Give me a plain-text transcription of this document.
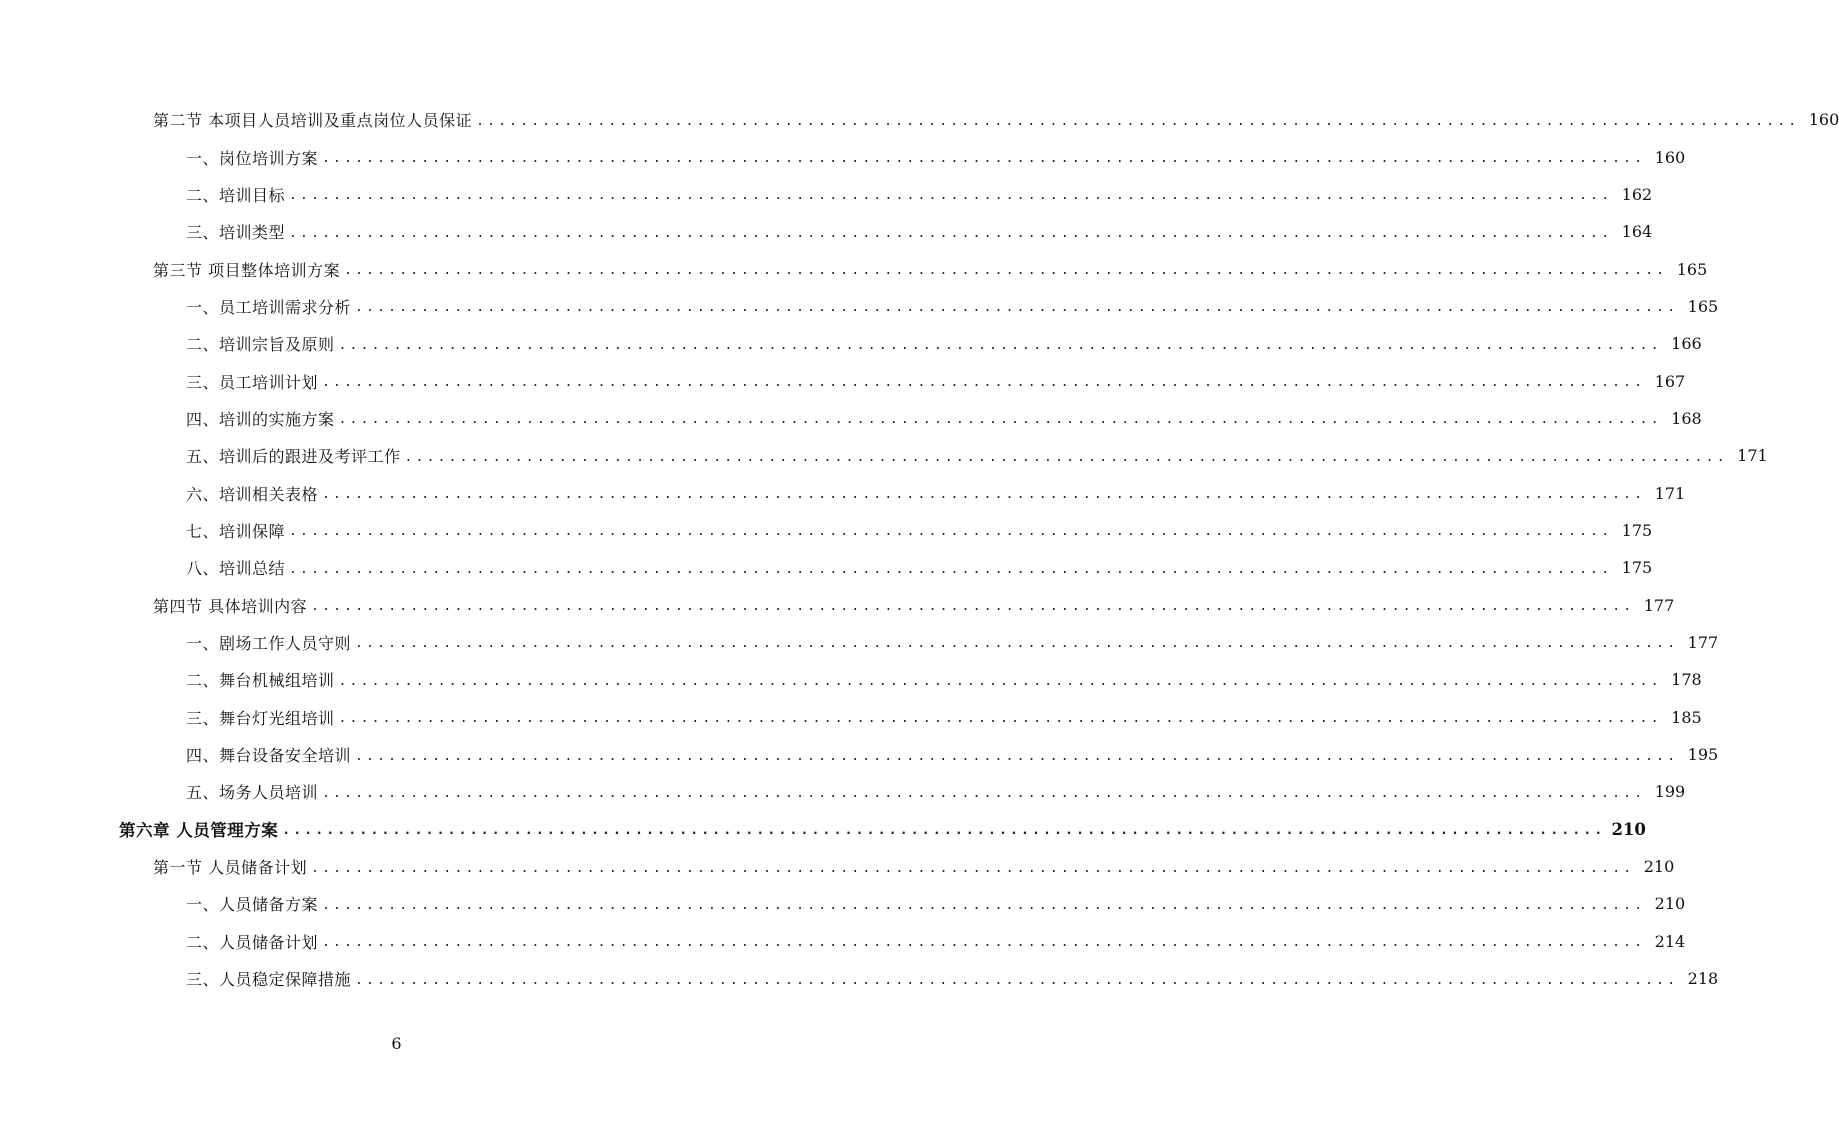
第二节 本项目人员培训及重点岗位人员保证 ........................................................................................................................ 160
一、岗位培训方案 ........................................................................................................................ 160
二、培训目标 ........................................................................................................................ 162
三、培训类型 ........................................................................................................................ 164
第三节 项目整体培训方案 ........................................................................................................................ 165
一、员工培训需求分析 ........................................................................................................................ 165
二、培训宗旨及原则 ........................................................................................................................ 166
三、员工培训计划 ........................................................................................................................ 167
四、培训的实施方案 ........................................................................................................................ 168
五、培训后的跟进及考评工作 ........................................................................................................................ 171
六、培训相关表格 ........................................................................................................................ 171
七、培训保障 ........................................................................................................................ 175
八、培训总结 ........................................................................................................................ 175
第四节 具体培训内容 ........................................................................................................................ 177
一、剧场工作人员守则 ........................................................................................................................ 177
二、舞台机械组培训 ........................................................................................................................ 178
三、舞台灯光组培训 ........................................................................................................................ 185
四、舞台设备安全培训 ........................................................................................................................ 195
五、场务人员培训 ........................................................................................................................ 199
第六章 人员管理方案 ........................................................................................................................ 210
第一节 人员储备计划 ........................................................................................................................ 210
一、人员储备方案 ........................................................................................................................ 210
二、人员储备计划 ........................................................................................................................ 214
三、人员稳定保障措施 ........................................................................................................................ 218
6
